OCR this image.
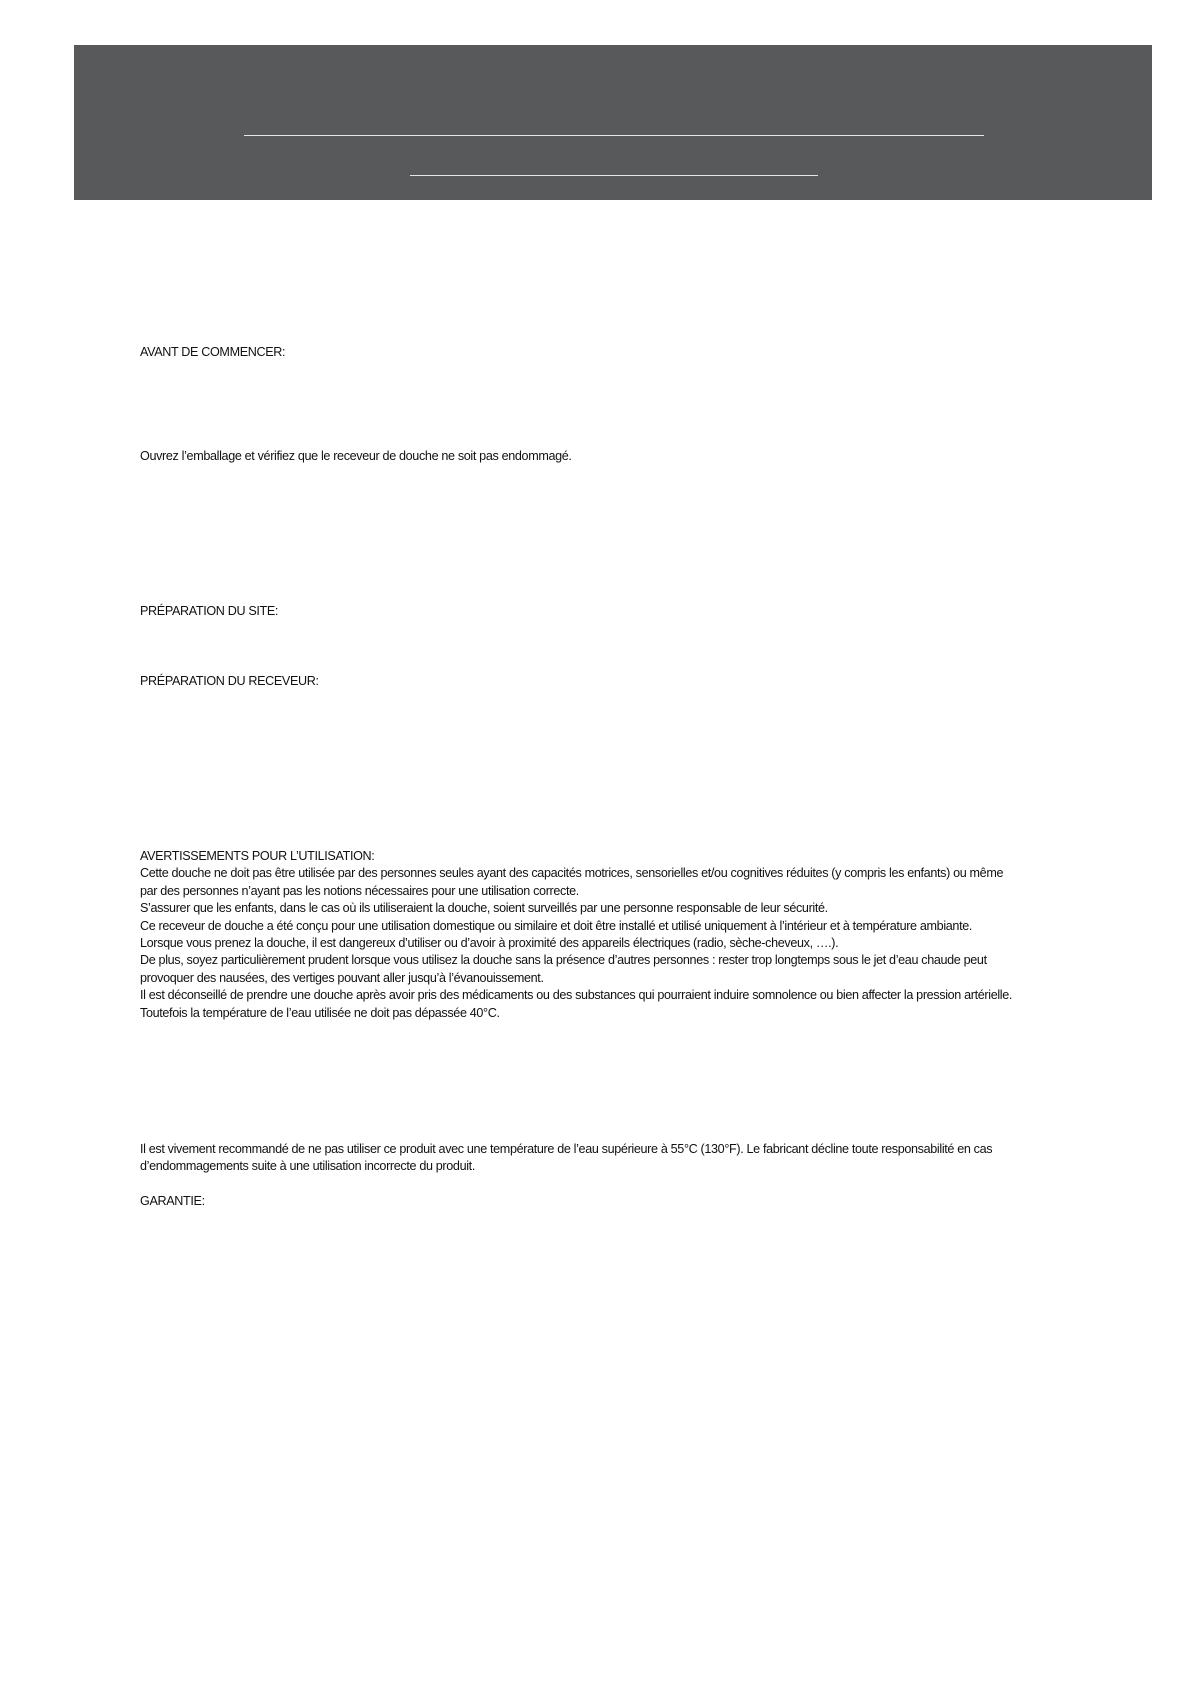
AVANT DE COMMENCER:
Ouvrez l’emballage et vérifiez que le receveur de douche ne soit pas endommagé.
PRÉPARATION DU SITE:
PRÉPARATION DU RECEVEUR:
AVERTISSEMENTS POUR L’UTILISATION:
Cette douche ne doit pas être utilisée par des personnes seules ayant des capacités motrices, sensorielles et/ou cognitives réduites (y compris les enfants) ou même
par des personnes n’ayant pas les notions nécessaires pour une utilisation correcte.
S’assurer que les enfants, dans le cas où ils utiliseraient la douche, soient surveillés par une personne responsable de leur sécurité.
Ce receveur de douche a été conçu pour une utilisation domestique ou similaire et doit être installé et utilisé uniquement à l’intérieur et à température ambiante.
Lorsque vous prenez la douche, il est dangereux d’utiliser ou d’avoir à proximité des appareils électriques (radio, sèche-cheveux, ….).
De plus, soyez particulièrement prudent lorsque vous utilisez la douche sans la présence d’autres personnes : rester trop longtemps sous le jet d’eau chaude peut
provoquer des nausées, des vertiges pouvant aller jusqu’à l’évanouissement.
Il est déconseillé de prendre une douche après avoir pris des médicaments ou des substances qui pourraient induire somnolence ou bien affecter la pression artérielle.
Toutefois la température de l’eau utilisée ne doit pas dépassée 40°C.
Il est vivement recommandé de ne pas utiliser ce produit avec une température de l’eau supérieure à 55°C (130°F). Le fabricant décline toute responsabilité en cas
d’endommagements suite à une utilisation incorrecte du produit.
GARANTIE:
